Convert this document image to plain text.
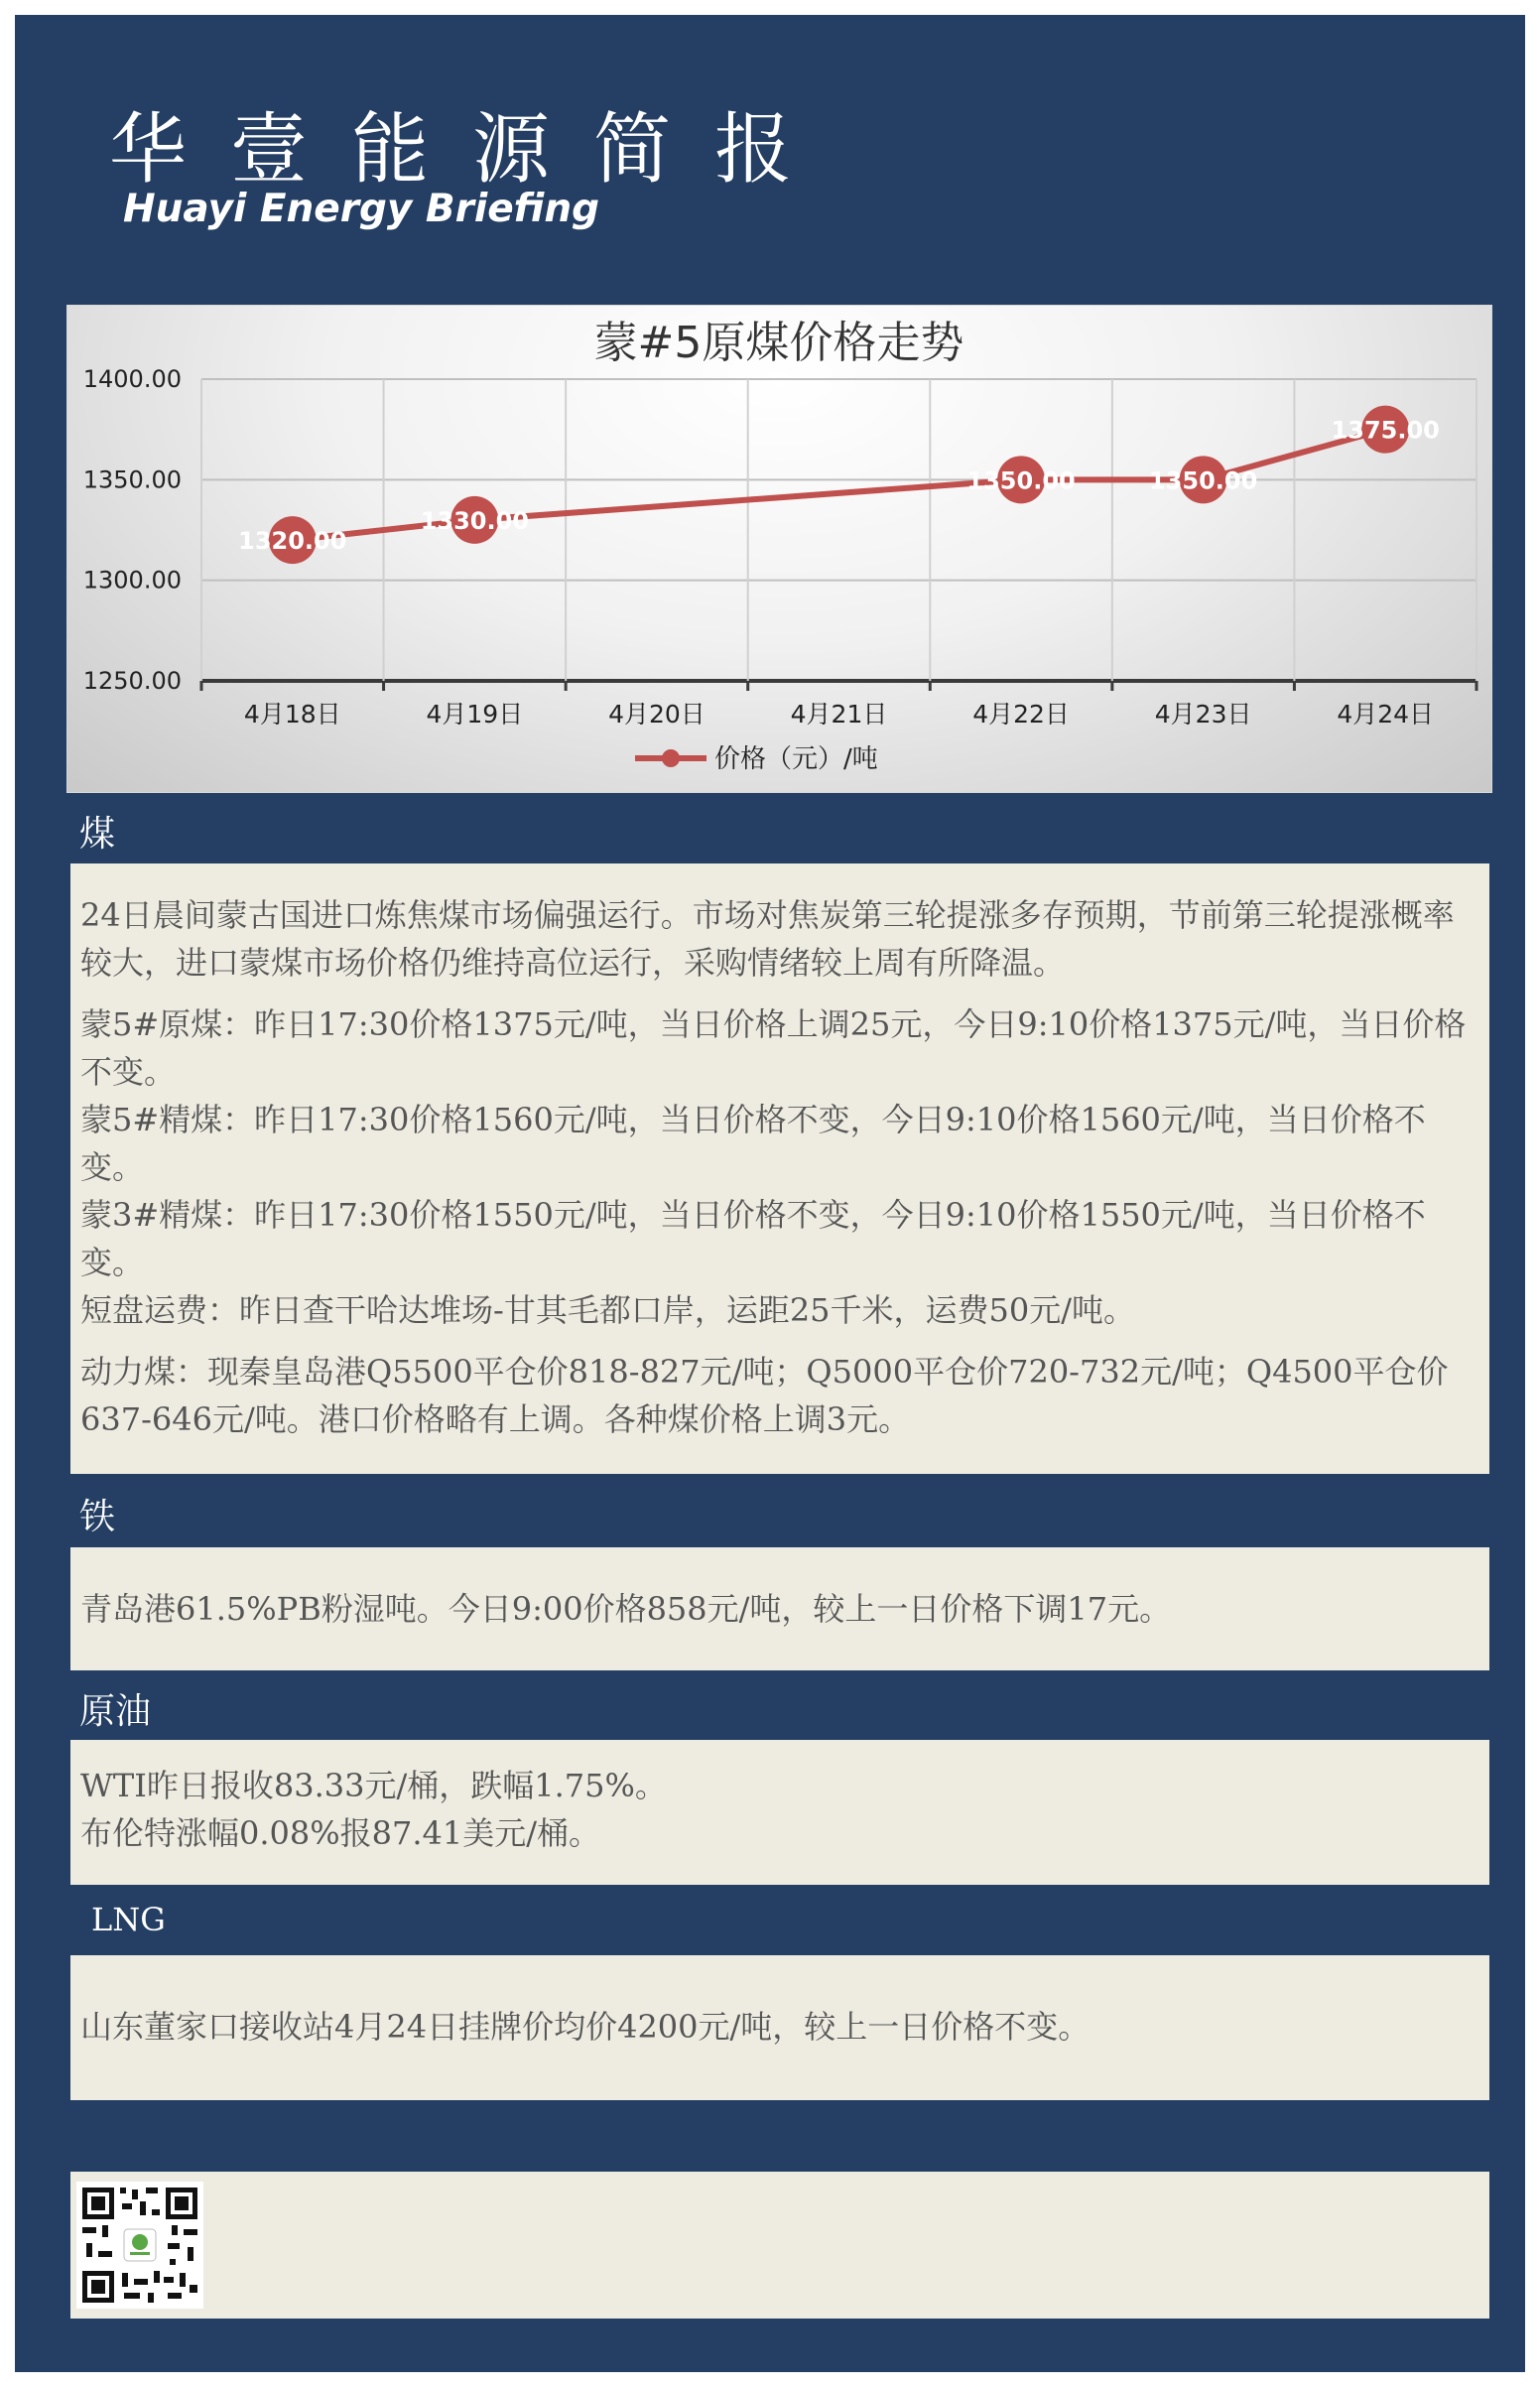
华壹能源简报
Huayi Energy Briefing
蒙#5原煤价格走势
1400.00
1350.00
1300.00
1250.00
4月18日	4月19日	4月20日	4月21日	4月22日	4月23日	4月24日
1320.00
1330.00
1350.00	1350.00
1375.00
价格（元）/吨
煤

24日晨间蒙古国进口炼焦煤市场偏强运行。市场对焦炭第三轮提涨多存预期，节前第三轮提涨概率较大，进口蒙煤市场价格仍维持高位运行，采购情绪较上周有所降温。

蒙5#原煤：昨日17:30价格1375元/吨，当日价格上调25元，今日9:10价格1375元/吨，当日价格不变。

蒙5#精煤：昨日17:30价格1560元/吨，当日价格不变，今日9:10价格1560元/吨，当日价格不变。

蒙3#精煤：昨日17:30价格1550元/吨，当日价格不变，今日9:10价格1550元/吨，当日价格不变。

短盘运费：昨日查干哈达堆场-甘其毛都口岸，运距25千米，运费50元/吨。

动力煤：现秦皇岛港Q5500平仓价818-827元/吨；Q5000平仓价720-732元/吨；Q4500平仓价637-646元/吨。港口价格略有上调。各种煤价格上调3元。

铁

青岛港61.5%PB粉湿吨。今日9:00价格858元/吨，较上一日价格下调17元。

原油

WTI昨日报收83.33元/桶，跌幅1.75%。

布伦特涨幅0.08%报87.41美元/桶。

LNG

山东董家口接收站4月24日挂牌价均价4200元/吨，较上一日价格不变。
